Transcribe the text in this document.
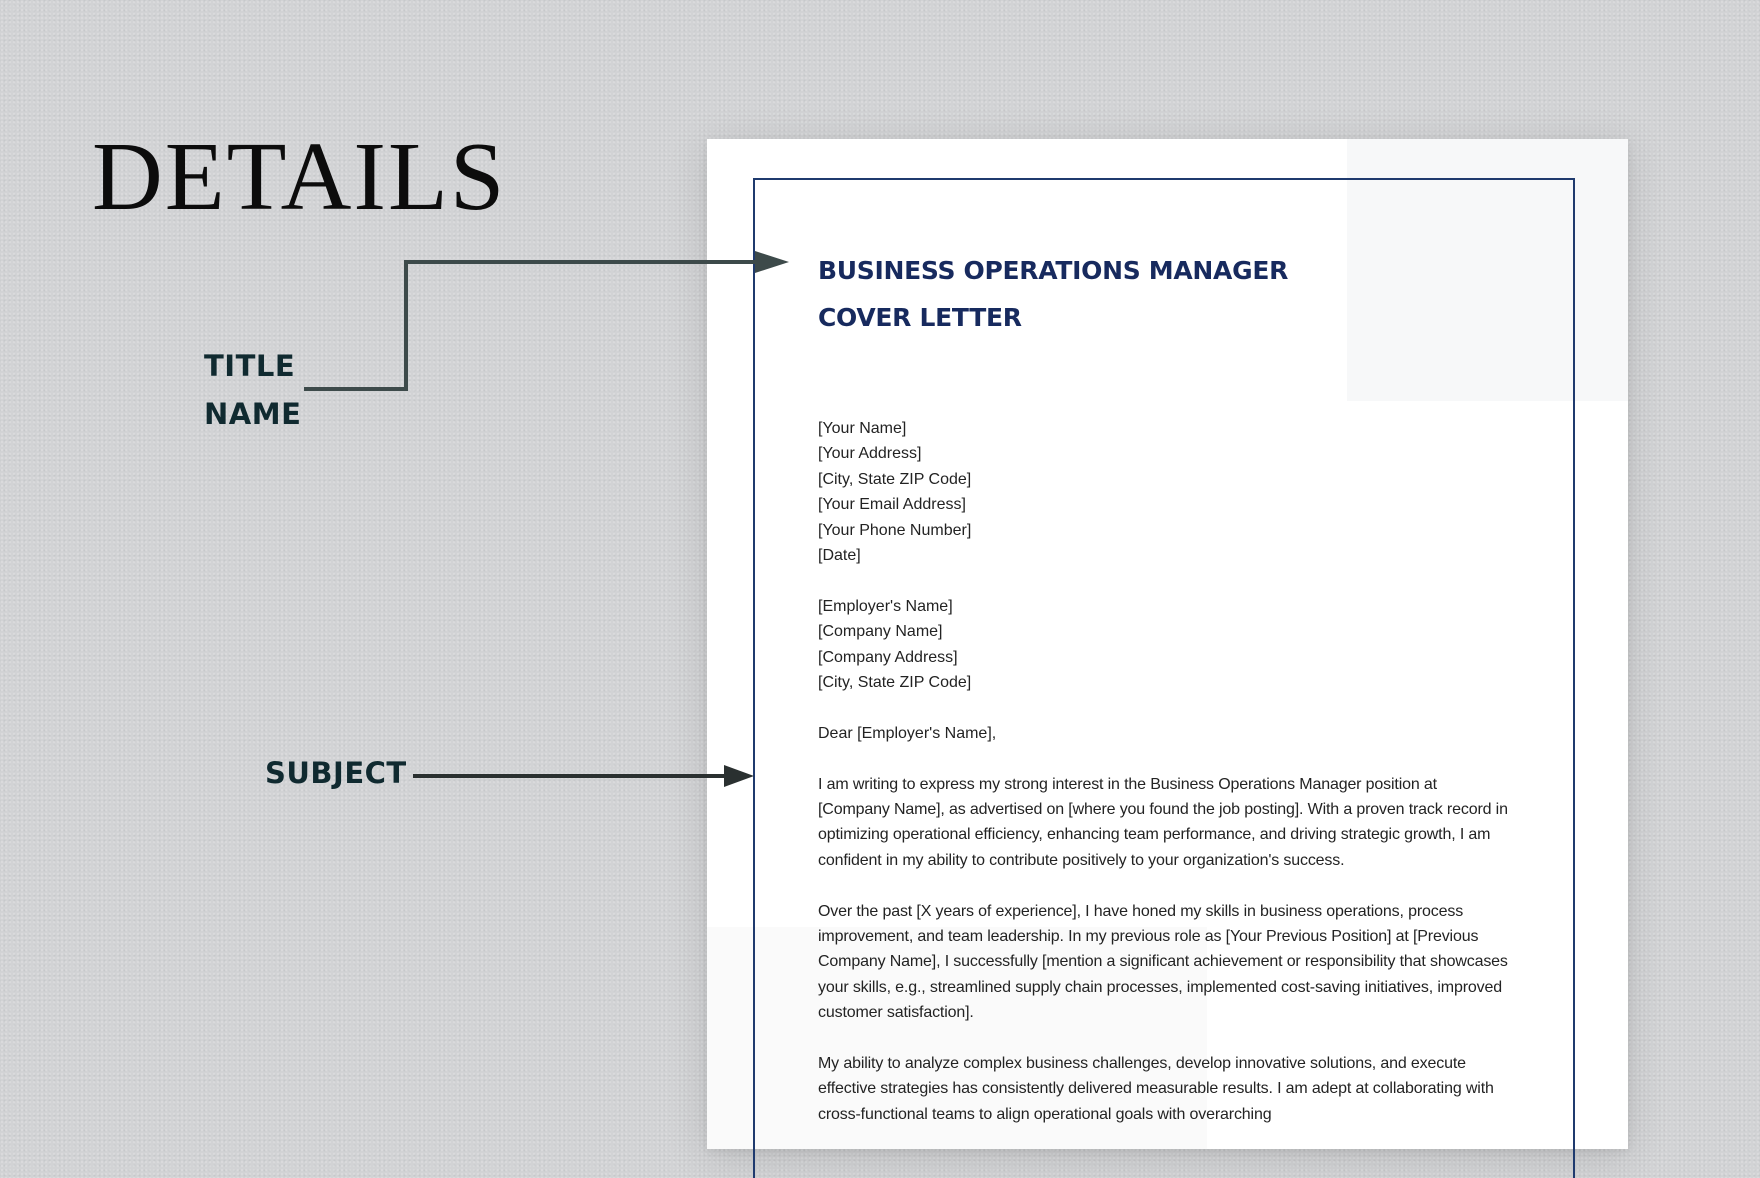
DETAILS
TITLE
NAME
SUBJECT
BUSINESS OPERATIONS MANAGER
COVER LETTER
[Your Name]
[Your Address]
[City, State ZIP Code]
[Your Email Address]
[Your Phone Number]
[Date]
[Employer's Name]
[Company Name]
[Company Address]
[City, State ZIP Code]
Dear [Employer's Name],

I am writing to express my strong interest in the Business Operations Manager position at [Company Name], as advertised on [where you found the job posting]. With a proven track record in optimizing operational efficiency, enhancing team performance, and driving strategic growth, I am confident in my ability to contribute positively to your organization's success.

Over the past [X years of experience], I have honed my skills in business operations, process improvement, and team leadership. In my previous role as [Your Previous Position] at [Previous Company Name], I successfully [mention a significant achievement or responsibility that showcases your skills, e.g., streamlined supply chain processes, implemented cost-saving initiatives, improved customer satisfaction].

My ability to analyze complex business challenges, develop innovative solutions, and execute effective strategies has consistently delivered measurable results. I am adept at collaborating with cross-functional teams to align operational goals with overarching
